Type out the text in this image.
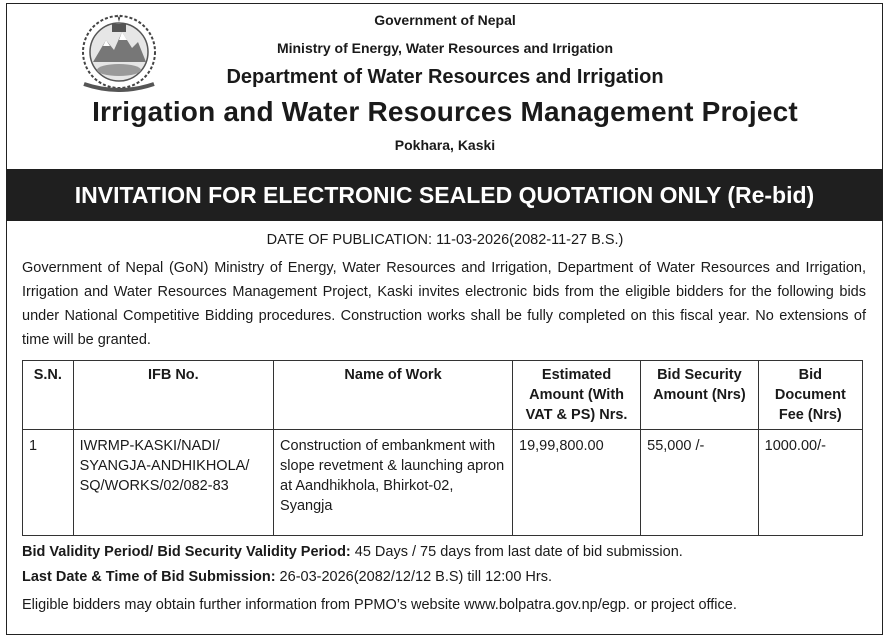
Government of Nepal
Ministry of Energy, Water Resources and Irrigation
Department of Water Resources and Irrigation
Irrigation and Water Resources Management Project
Pokhara, Kaski
INVITATION FOR ELECTRONIC SEALED QUOTATION ONLY (Re-bid)
DATE OF PUBLICATION: 11-03-2026(2082-11-27 B.S.)
Government of Nepal (GoN) Ministry of Energy, Water Resources and Irrigation, Department of Water Resources and Irrigation, Irrigation and Water Resources Management Project, Kaski invites electronic bids from the eligible bidders for the following bids under National Competitive Bidding procedures. Construction works shall be fully completed on this fiscal year. No extensions of time will be granted.
S.N.	IFB No.	Name of Work	Estimated Amount (With VAT & PS) Nrs.	Bid Security Amount (Nrs)	Bid Document Fee (Nrs)
1	IWRMP-KASKI/NADI/ SYANGJA-ANDHIKHOLA/ SQ/WORKS/02/082-83	Construction of embankment with slope revetment & launching apron at Aandhikhola, Bhirkot-02, Syangja	19,99,800.00	55,000 /-	1000.00/-
Bid Validity Period/ Bid Security Validity Period: 45 Days / 75 days from last date of bid submission.
Last Date & Time of Bid Submission: 26-03-2026(2082/12/12 B.S) till 12:00 Hrs.
Eligible bidders may obtain further information from PPMO’s website www.bolpatra.gov.np/egp. or project office.
